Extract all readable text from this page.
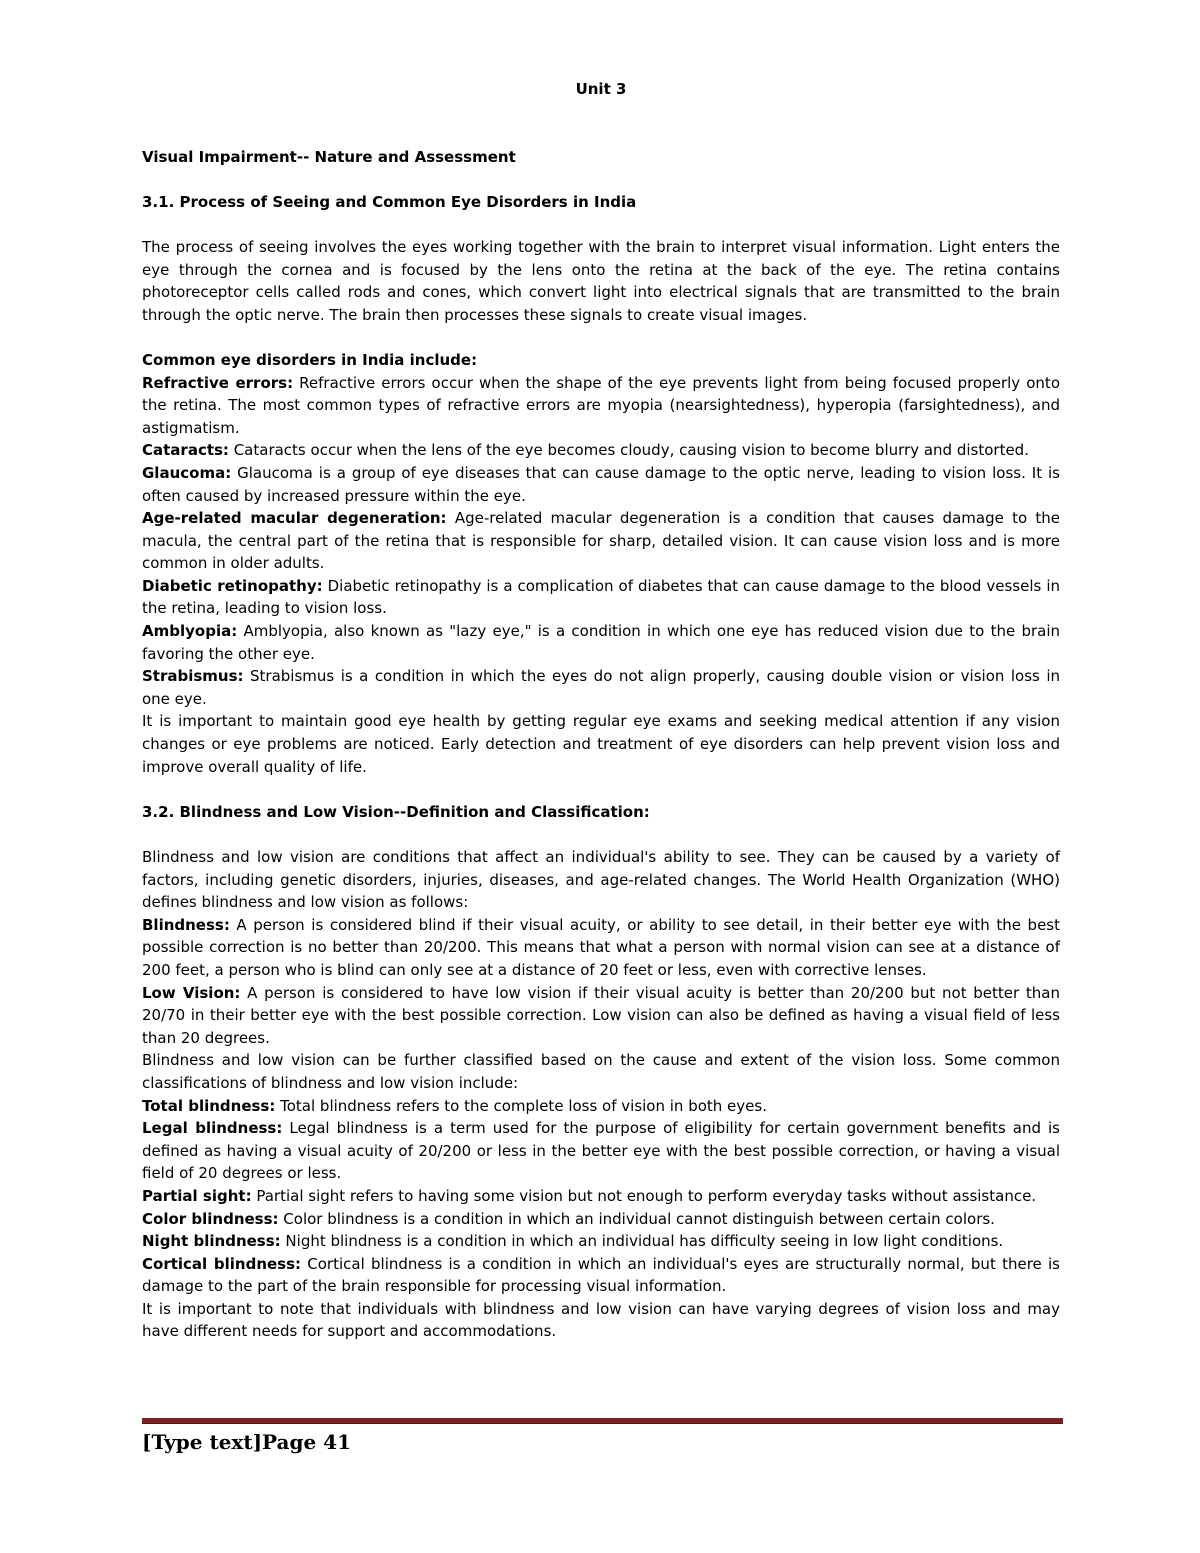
Unit 3

Visual Impairment-- Nature and Assessment

3.1. Process of Seeing and Common Eye Disorders in India

The process of seeing involves the eyes working together with the brain to interpret visual information. Light enters the eye through the cornea and is focused by the lens onto the retina at the back of the eye. The retina contains photoreceptor cells called rods and cones, which convert light into electrical signals that are transmitted to the brain through the optic nerve. The brain then processes these signals to create visual images.

Common eye disorders in India include:

Refractive errors: Refractive errors occur when the shape of the eye prevents light from being focused properly onto the retina. The most common types of refractive errors are myopia (nearsightedness), hyperopia (farsightedness), and astigmatism.

Cataracts: Cataracts occur when the lens of the eye becomes cloudy, causing vision to become blurry and distorted.

Glaucoma: Glaucoma is a group of eye diseases that can cause damage to the optic nerve, leading to vision loss. It is often caused by increased pressure within the eye.

Age-related macular degeneration: Age-related macular degeneration is a condition that causes damage to the macula, the central part of the retina that is responsible for sharp, detailed vision. It can cause vision loss and is more common in older adults.

Diabetic retinopathy: Diabetic retinopathy is a complication of diabetes that can cause damage to the blood vessels in the retina, leading to vision loss.

Amblyopia: Amblyopia, also known as "lazy eye," is a condition in which one eye has reduced vision due to the brain favoring the other eye.

Strabismus: Strabismus is a condition in which the eyes do not align properly, causing double vision or vision loss in one eye.

It is important to maintain good eye health by getting regular eye exams and seeking medical attention if any vision changes or eye problems are noticed. Early detection and treatment of eye disorders can help prevent vision loss and improve overall quality of life.

3.2. Blindness and Low Vision--Definition and Classification:

Blindness and low vision are conditions that affect an individual's ability to see. They can be caused by a variety of factors, including genetic disorders, injuries, diseases, and age-related changes. The World Health Organization (WHO) defines blindness and low vision as follows:

Blindness: A person is considered blind if their visual acuity, or ability to see detail, in their better eye with the best possible correction is no better than 20/200. This means that what a person with normal vision can see at a distance of 200 feet, a person who is blind can only see at a distance of 20 feet or less, even with corrective lenses.

Low Vision: A person is considered to have low vision if their visual acuity is better than 20/200 but not better than 20/70 in their better eye with the best possible correction. Low vision can also be defined as having a visual field of less than 20 degrees.

Blindness and low vision can be further classified based on the cause and extent of the vision loss. Some common classifications of blindness and low vision include:

Total blindness: Total blindness refers to the complete loss of vision in both eyes.

Legal blindness: Legal blindness is a term used for the purpose of eligibility for certain government benefits and is defined as having a visual acuity of 20/200 or less in the better eye with the best possible correction, or having a visual field of 20 degrees or less.

Partial sight: Partial sight refers to having some vision but not enough to perform everyday tasks without assistance.

Color blindness: Color blindness is a condition in which an individual cannot distinguish between certain colors.

Night blindness: Night blindness is a condition in which an individual has difficulty seeing in low light conditions.

Cortical blindness: Cortical blindness is a condition in which an individual's eyes are structurally normal, but there is damage to the part of the brain responsible for processing visual information.

It is important to note that individuals with blindness and low vision can have varying degrees of vision loss and may have different needs for support and accommodations.

[Type text]Page 41
